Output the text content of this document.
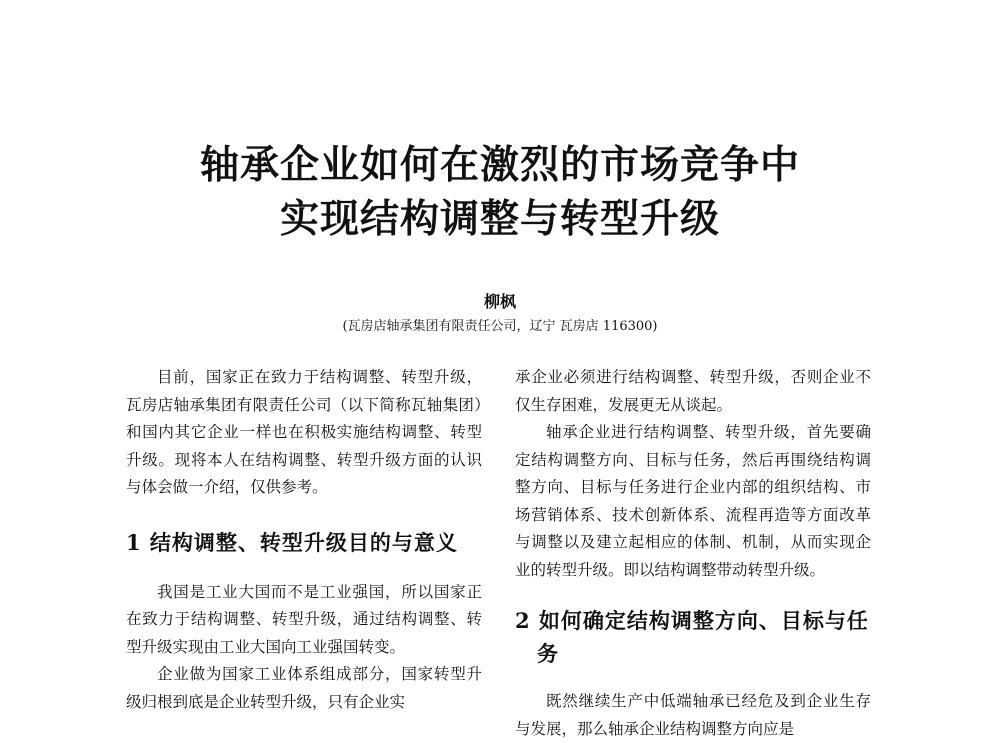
轴承企业如何在激烈的市场竞争中
实现结构调整与转型升级
柳枫
(瓦房店轴承集团有限责任公司，辽宁 瓦房店 116300)

目前，国家正在致力于结构调整、转型升级，瓦房店轴承集团有限责任公司（以下简称瓦轴集团）和国内其它企业一样也在积极实施结构调整、转型升级。现将本人在结构调整、转型升级方面的认识与体会做一介绍，仅供参考。

1 结构调整、转型升级目的与意义

我国是工业大国而不是工业强国，所以国家正在致力于结构调整、转型升级，通过结构调整、转型升级实现由工业大国向工业强国转变。

企业做为国家工业体系组成部分，国家转型升级归根到底是企业转型升级，只有企业实

承企业必须进行结构调整、转型升级，否则企业不仅生存困难，发展更无从谈起。

轴承企业进行结构调整、转型升级，首先要确定结构调整方向、目标与任务，然后再围绕结构调整方向、目标与任务进行企业内部的组织结构、市场营销体系、技术创新体系、流程再造等方面改革与调整以及建立起相应的体制、机制，从而实现企业的转型升级。即以结构调整带动转型升级。

2 如何确定结构调整方向、目标与任务

既然继续生产中低端轴承已经危及到企业生存与发展，那么轴承企业结构调整方向应是
